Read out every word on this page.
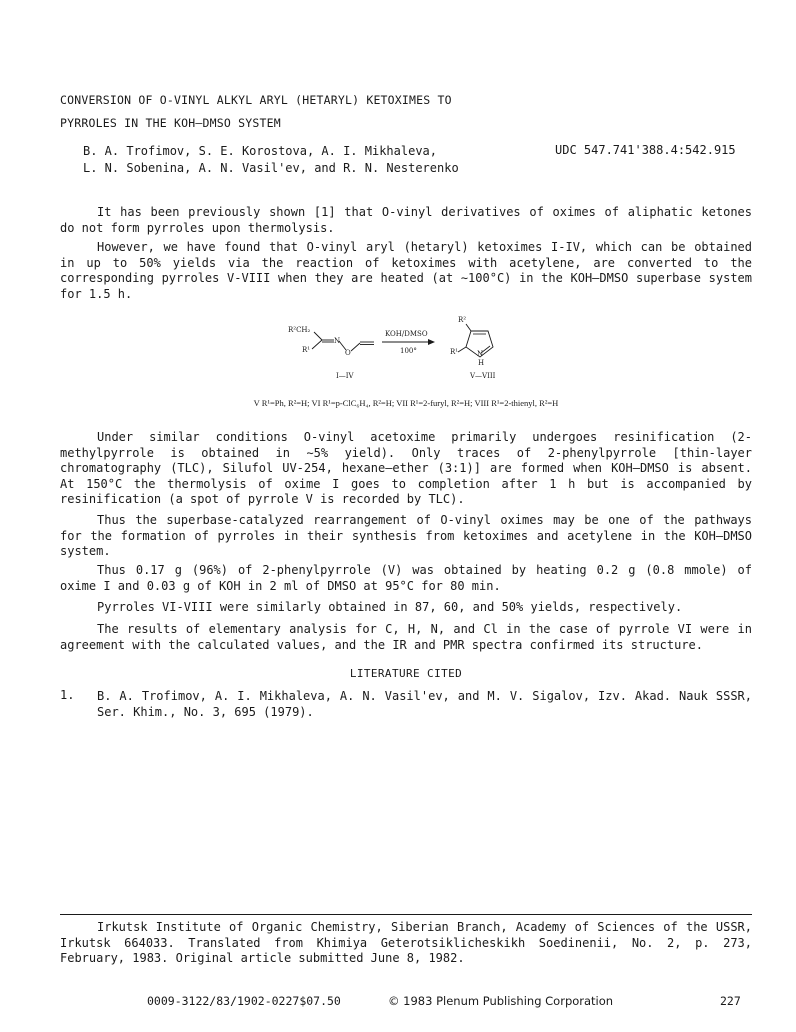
CONVERSION OF O-VINYL ALKYL ARYL (HETARYL) KETOXIMES TO
PYRROLES IN THE KOH—DMSO SYSTEM
B. A. Trofimov, S. E. Korostova, A. I. Mikhaleva,
L. N. Sobenina, A. N. Vasil'ev, and R. N. Nesterenko
UDC 547.741'388.4:542.915
It has been previously shown [1] that O-vinyl derivatives of oximes of aliphatic ketones do not form pyrroles upon thermolysis.
However, we have found that O-vinyl aryl (hetaryl) ketoximes I-IV, which can be obtained in up to 50% yields via the reaction of ketoximes with acetylene, are converted to the corresponding pyrroles V-VIII when they are heated (at ∼100°C) in the KOH—DMSO superbase system for 1.5 h.
R²CH₂
R¹
N
O
KOH/DMSO
100°
R²
R¹	N
H
I—IV	V—VIII
V R¹=Ph, R²=H; VI R¹=p-ClC₆H₄, R²=H; VII R¹=2-furyl, R²=H; VIII R¹=2-thienyl, R²=H
Under similar conditions O-vinyl acetoxime primarily undergoes resinification (2-methylpyrrole is obtained in ∼5% yield). Only traces of 2-phenylpyrrole [thin-layer chromatography (TLC), Silufol UV-254, hexane–ether (3:1)] are formed when KOH—DMSO is absent. At 150°C the thermolysis of oxime I goes to completion after 1 h but is accompanied by resinification (a spot of pyrrole V is recorded by TLC).
Thus the superbase-catalyzed rearrangement of O-vinyl oximes may be one of the pathways for the formation of pyrroles in their synthesis from ketoximes and acetylene in the KOH—DMSO system.
Thus 0.17 g (96%) of 2-phenylpyrrole (V) was obtained by heating 0.2 g (0.8 mmole) of oxime I and 0.03 g of KOH in 2 ml of DMSO at 95°C for 80 min.
Pyrroles VI-VIII were similarly obtained in 87, 60, and 50% yields, respectively.
The results of elementary analysis for C, H, N, and Cl in the case of pyrrole VI were in agreement with the calculated values, and the IR and PMR spectra confirmed its structure.
LITERATURE CITED
1. B. A. Trofimov, A. I. Mikhaleva, A. N. Vasil'ev, and M. V. Sigalov, Izv. Akad. Nauk SSSR, Ser. Khim., No. 3, 695 (1979).
Irkutsk Institute of Organic Chemistry, Siberian Branch, Academy of Sciences of the USSR, Irkutsk 664033. Translated from Khimiya Geterotsiklicheskikh Soedinenii, No. 2, p. 273, February, 1983. Original article submitted June 8, 1982.
0009-3122/83/1902-0227$07.50	© 1983 Plenum Publishing Corporation	227
